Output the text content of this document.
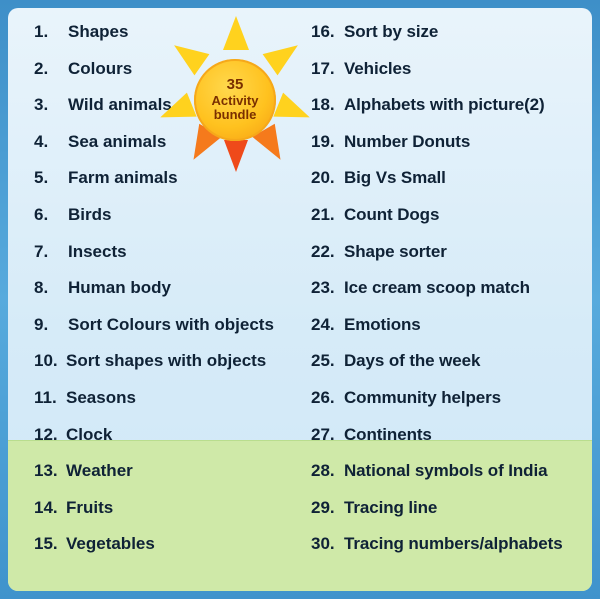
1.	Shapes
2.	Colours
3.	Wild animals
4.	Sea animals
5.	Farm animals
6.	Birds
7.	Insects
8.	Human body
9.	Sort Colours with objects
10. Sort shapes with objects
11. Seasons
12. Clock
13. Weather
14. Fruits
15. Vegetables
16. Sort by size
17. Vehicles
18. Alphabets with picture(2)
19. Number Donuts
20. Big Vs Small
21. Count Dogs
22. Shape sorter
23. Ice cream scoop match
24. Emotions
25. Days of the week
26. Community helpers
27. Continents
28. National symbols of India
29. Tracing line
30. Tracing numbers/alphabets
35
Activity
bundle
